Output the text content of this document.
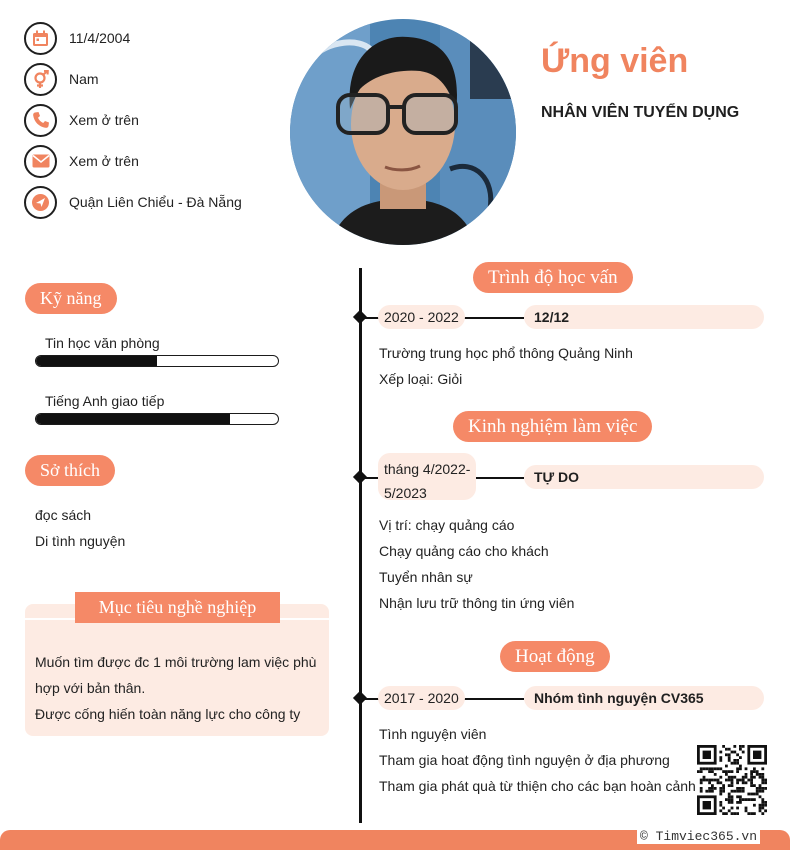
11/4/2004
Nam
Xem ở trên
Xem ở trên
Quận Liên Chiểu - Đà Nẵng
Ứng viên
NHÂN VIÊN TUYỂN DỤNG
Kỹ năng
Tin học văn phòng
Tiếng Anh giao tiếp
Sở thích
đọc sách
Di tình nguyện
Mục tiêu nghề nghiệp
Muốn tìm được đc 1 môi trường lam việc phù
hợp với bản thân.
Được cống hiến toàn năng lực cho công ty
Trình độ học vấn
2020 - 2022	12/12
Trường trung học phổ thông Quảng Ninh
Xếp loại: Giỏi
Kinh nghiệm làm việc
tháng 4/2022-
5/2023
TỰ DO
Vị trí: chạy quảng cáo
Chạy quảng cáo cho khách
Tuyển nhân sự
Nhận lưu trữ thông tin ứng viên
Hoạt động
2017 - 2020	Nhóm tình nguyện CV365
Tình nguyện viên
Tham gia hoat động tình nguyện ở địa phương
Tham gia phát quà từ thiện cho các bạn hoàn cảnh
© Timviec365.vn
